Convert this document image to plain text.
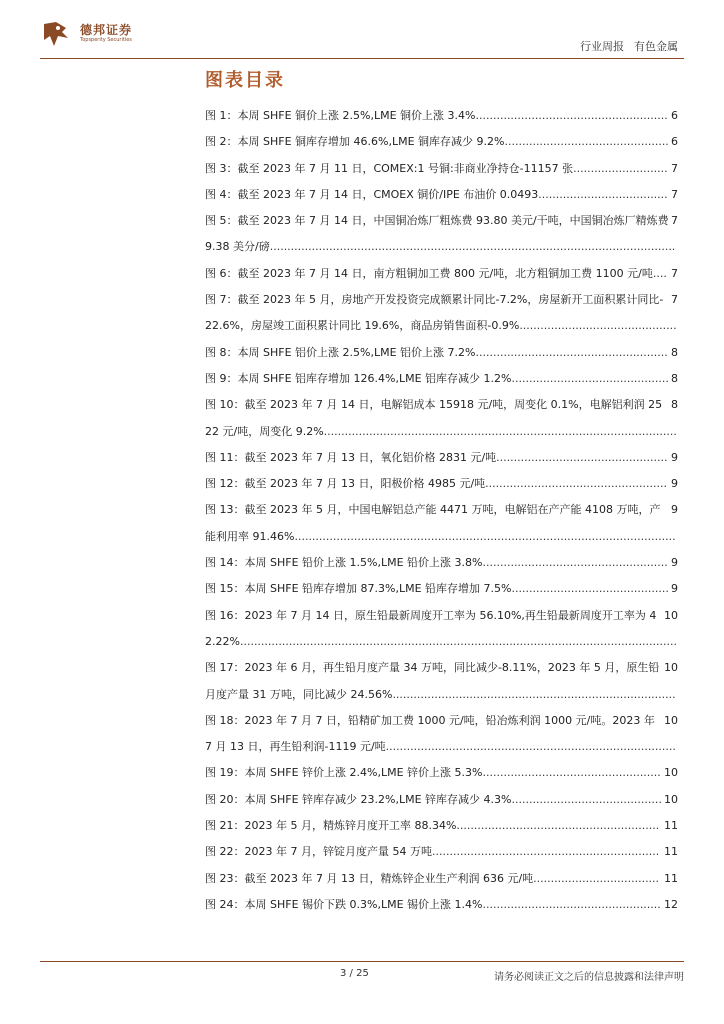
德邦证券
Topsperity Securities	行业周报 有色金属
图表目录
6
图 1：本周 SHFE 铜价上涨 2.5%,LME 铜价上涨 3.4%.......................................................
6
图 2：本周 SHFE 铜库存增加 46.6%,LME 铜库存减少 9.2%...............................................
7
图 3：截至 2023 年 7 月 11 日，COMEX:1 号铜:非商业净持仓-11157 张...........................
7
图 4：截至 2023 年 7 月 14 日，CMOEX 铜价/IPE 布油价 0.0493.....................................
7
图 5：截至 2023 年 7 月 14 日，中国铜冶炼厂粗炼费 93.80 美元/干吨，中国铜冶炼厂精炼费 9.38 美分/磅....................................................................................................................
7
图 6：截至 2023 年 7 月 14 日，南方粗铜加工费 800 元/吨，北方粗铜加工费 1100 元/吨....
7
图 7：截至 2023 年 5 月，房地产开发投资完成额累计同比-7.2%，房屋新开工面积累计同比-22.6%，房屋竣工面积累计同比 19.6%，商品房销售面积-0.9%.............................................
8
图 8：本周 SHFE 铝价上涨 2.5%,LME 铝价上涨 7.2%.......................................................
8
图 9：本周 SHFE 铝库存增加 126.4%,LME 铝库存减少 1.2%.............................................
8
图 10：截至 2023 年 7 月 14 日，电解铝成本 15918 元/吨，周变化 0.1%，电解铝利润 2522 元/吨，周变化 9.2%.....................................................................................................
9
图 11：截至 2023 年 7 月 13 日，氧化铝价格 2831 元/吨.................................................
9
图 12：截至 2023 年 7 月 13 日，阳极价格 4985 元/吨....................................................
9
图 13：截至 2023 年 5 月，中国电解铝总产能 4471 万吨，电解铝在产产能 4108 万吨，产能利用率 91.46%.............................................................................................................
9
图 14：本周 SHFE 铅价上涨 1.5%,LME 铅价上涨 3.8%.....................................................
9
图 15：本周 SHFE 铅库存增加 87.3%,LME 铅库存增加 7.5%.............................................
10
图 16：2023 年 7 月 14 日，原生铅最新周度开工率为 56.10%,再生铅最新周度开工率为 42.22%.............................................................................................................................
10
图 17：2023 年 6 月，再生铅月度产量 34 万吨，同比减少-8.11%，2023 年 5 月，原生铅月度产量 31 万吨，同比减少 24.56%.................................................................................
10
图 18：2023 年 7 月 7 日，铅精矿加工费 1000 元/吨，铅冶炼利润 1000 元/吨。2023 年 7 月 13 日，再生铅利润-1119 元/吨...................................................................................
10
图 19：本周 SHFE 锌价上涨 2.4%,LME 锌价上涨 5.3%...................................................
10
图 20：本周 SHFE 锌库存减少 23.2%,LME 锌库存减少 4.3%...........................................
11
图 21：2023 年 5 月，精炼锌月度开工率 88.34%..........................................................
11
图 22：2023 年 7 月，锌锭月度产量 54 万吨.................................................................
11
图 23：截至 2023 年 7 月 13 日，精炼锌企业生产利润 636 元/吨....................................
12
图 24：本周 SHFE 锡价下跌 0.3%,LME 锡价上涨 1.4%...................................................
3 / 25	请务必阅读正文之后的信息披露和法律声明
